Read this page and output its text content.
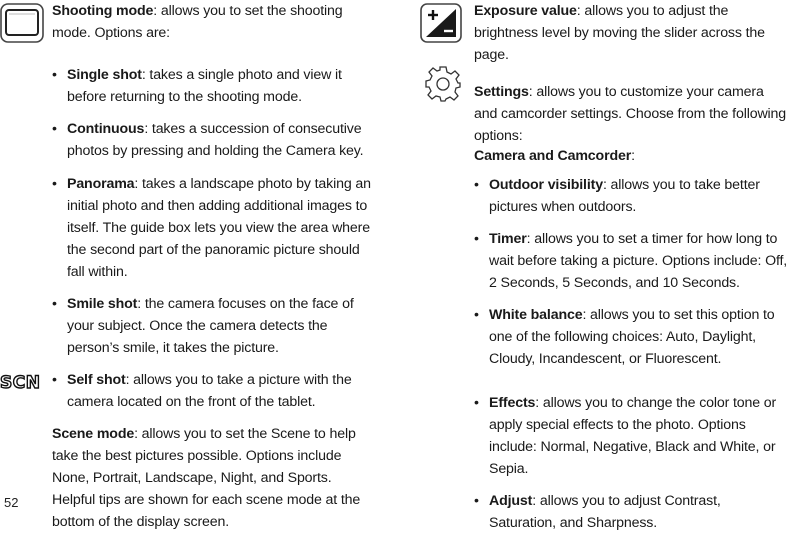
SCN

Shooting mode: allows you to set the shooting mode. Options are:

• Single shot: takes a single photo and view it before returning to the shooting mode.

• Continuous: takes a succession of consecutive photos by pressing and holding the Camera key.

• Panorama: takes a landscape photo by taking an initial photo and then adding additional images to itself. The guide box lets you view the area where the second part of the panoramic picture should fall within.

• Smile shot: the camera focuses on the face of your subject. Once the camera detects the person’s smile, it takes the picture.

• Self shot: allows you to take a picture with the camera located on the front of the tablet.

Scene mode: allows you to set the Scene to help take the best pictures possible. Options include None, Portrait, Landscape, Night, and Sports. Helpful tips are shown for each scene mode at the bottom of the display screen.

Exposure value: allows you to adjust the brightness level by moving the slider across the page.

Settings: allows you to customize your camera and camcorder settings. Choose from the following options:

Camera and Camcorder:

• Outdoor visibility: allows you to take better pictures when outdoors.

• Timer: allows you to set a timer for how long to wait before taking a picture. Options include: Off, 2 Seconds, 5 Seconds, and 10 Seconds.

• White balance: allows you to set this option to one of the following choices: Auto, Daylight, Cloudy, Incandescent, or Fluorescent.

• Effects: allows you to change the color tone or apply special effects to the photo. Options include: Normal, Negative, Black and White, or Sepia.

• Adjust: allows you to adjust Contrast, Saturation, and Sharpness.

52
